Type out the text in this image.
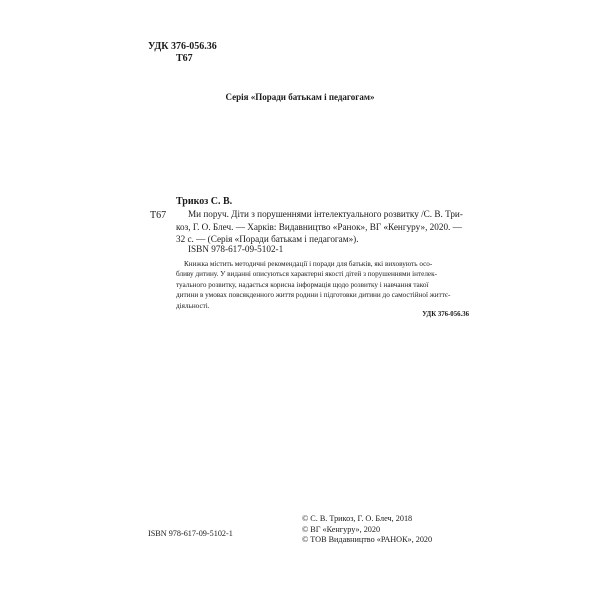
УДК 376-056.36
Т67
Серія «Поради батькам і педагогам»
Трикоз С. В.
Т67	Ми поруч. Діти з порушеннями інтелектуального розвитку /С. В. Три-
коз, Г. О. Блеч. — Харків: Видавництво «Ранок», ВГ «Кенгуру», 2020. —
32 с. — (Серія «Поради батькам і педагогам»).
ISBN 978-617-09-5102-1
Книжка містить методичні рекомендації і поради для батьків, які виховують осо-
бливу дитину. У виданні описуються характерні якості дітей з порушеннями інтелек-
туального розвитку, надається корисна інформація щодо розвитку і навчання такої
дитини в умовах повсякденного життя родини і підготовки дитини до самостійної життє-
діяльності.
УДК 376-056.36
ISBN 978-617-09-5102-1
© С. В. Трикоз, Г. О. Блеч, 2018
© ВГ «Кенгуру», 2020
© ТОВ Видавництво «РАНОК», 2020
